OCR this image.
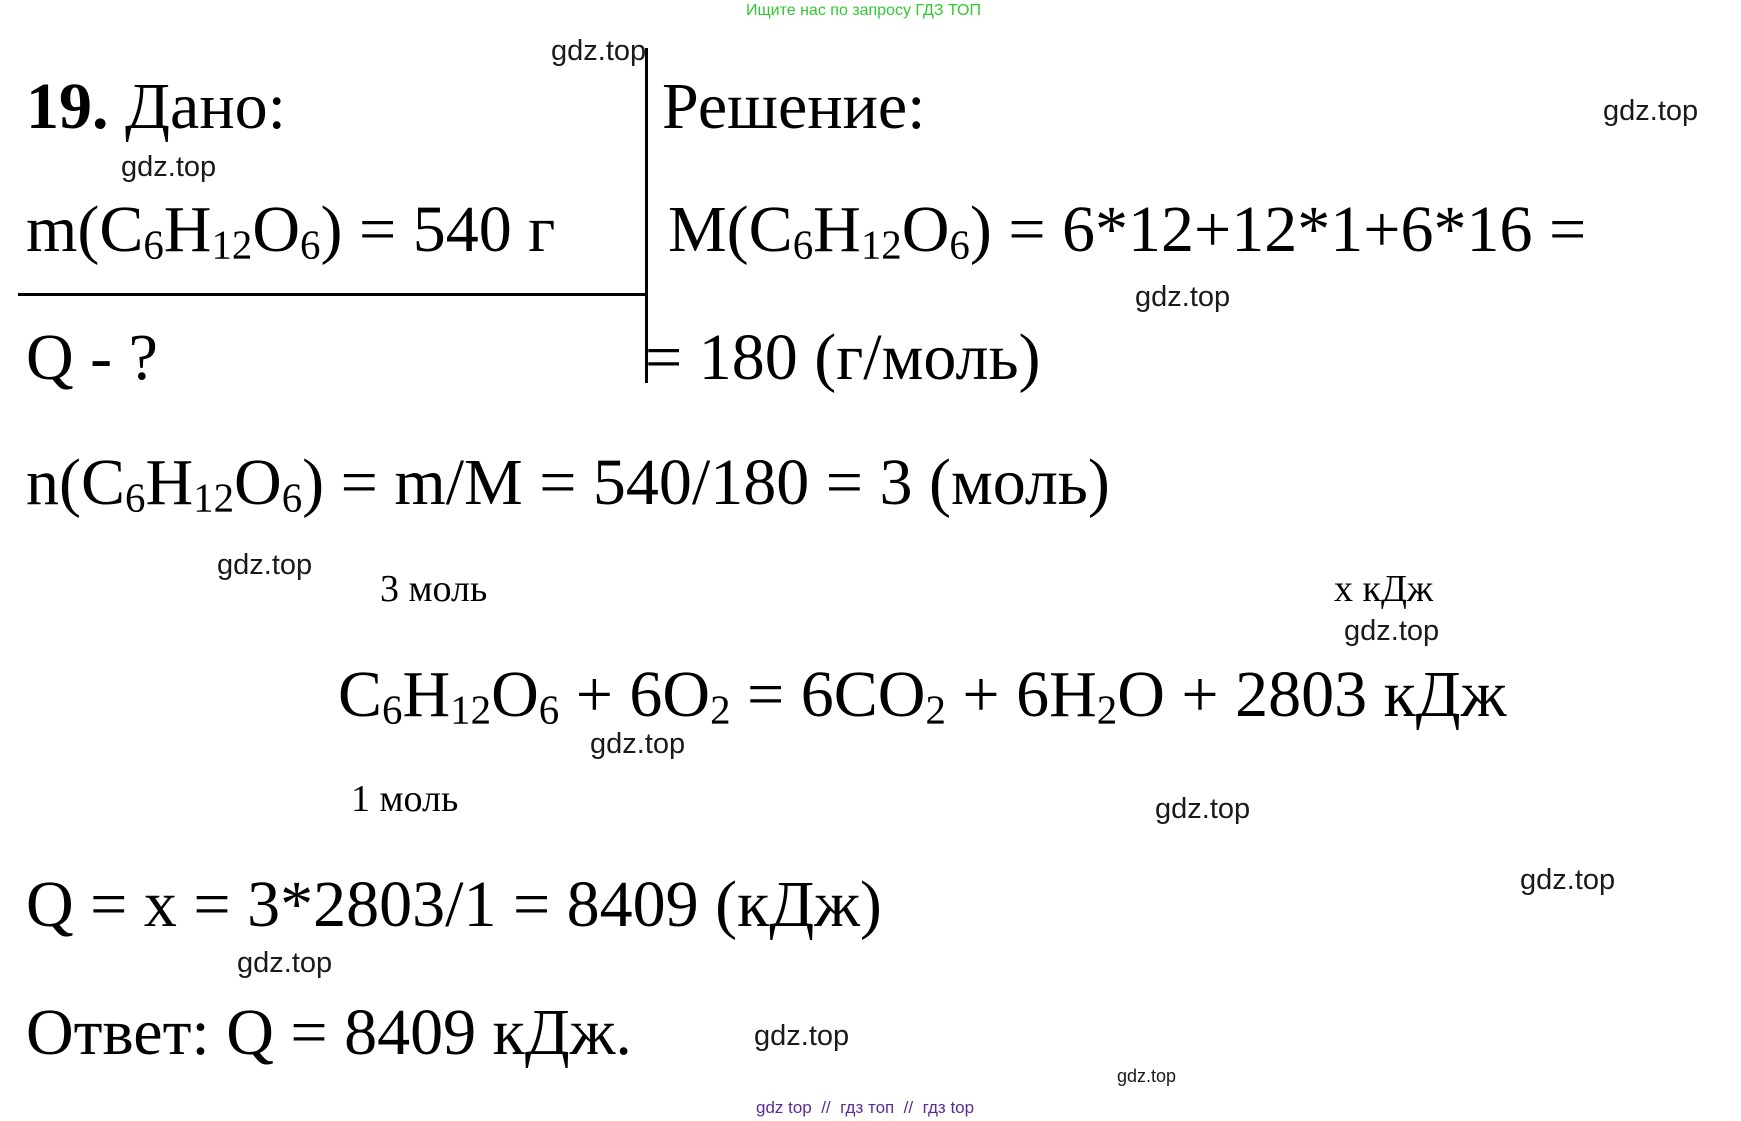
Ищите нас по запросу ГДЗ ТОП
19. Дано:
$m(C_6H_{12}O_6) = 540$ г
Q - ?
Решение:
$M(C_6H_{12}O_6) = 6*12+12*1+6*16$ =
= 180 (г/моль)
$n(C_6H_{12}O_6) = m/M = 540/180 = 3$ (моль)
3 моль	x кДж
$C_6H_{12}O_6 + 6O_2 = 6CO_2 + 6H_2O + 2803$ кДж
1 моль
Q = x = 3*2803/1 = 8409 (кДж)
Ответ: Q = 8409 кДж.
gdz.top
gdz.top
gdz.top
gdz.top
gdz.top
gdz.top
gdz.top
gdz.top
gdz.top
gdz.top
gdz.top
gdz.top
gdz top  //  гдз топ  //  гдз top
